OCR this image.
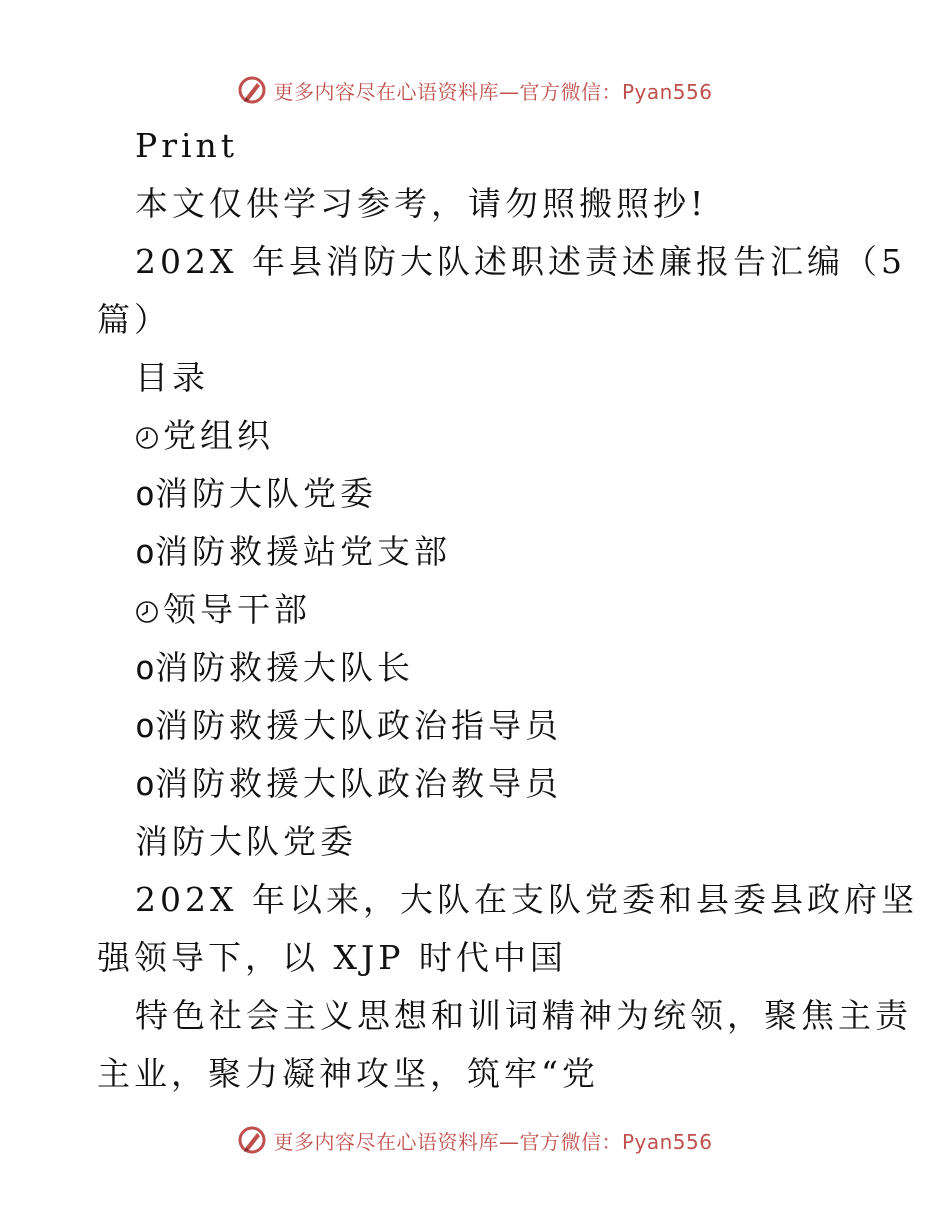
更多内容尽在心语资料库—官方微信：Pyan556

Print

本文仅供学习参考，请勿照搬照抄!

202X 年县消防大队述职述责述廉报告汇编（5

篇）

目录

党组织

o消防大队党委

o消防救援站党支部

领导干部

o消防救援大队长

o消防救援大队政治指导员

o消防救援大队政治教导员

消防大队党委

202X 年以来，大队在支队党委和县委县政府坚

强领导下，以 XJP 时代中国

特色社会主义思想和训词精神为统领，聚焦主责

主业，聚力凝神攻坚，筑牢“党

更多内容尽在心语资料库—官方微信：Pyan556
